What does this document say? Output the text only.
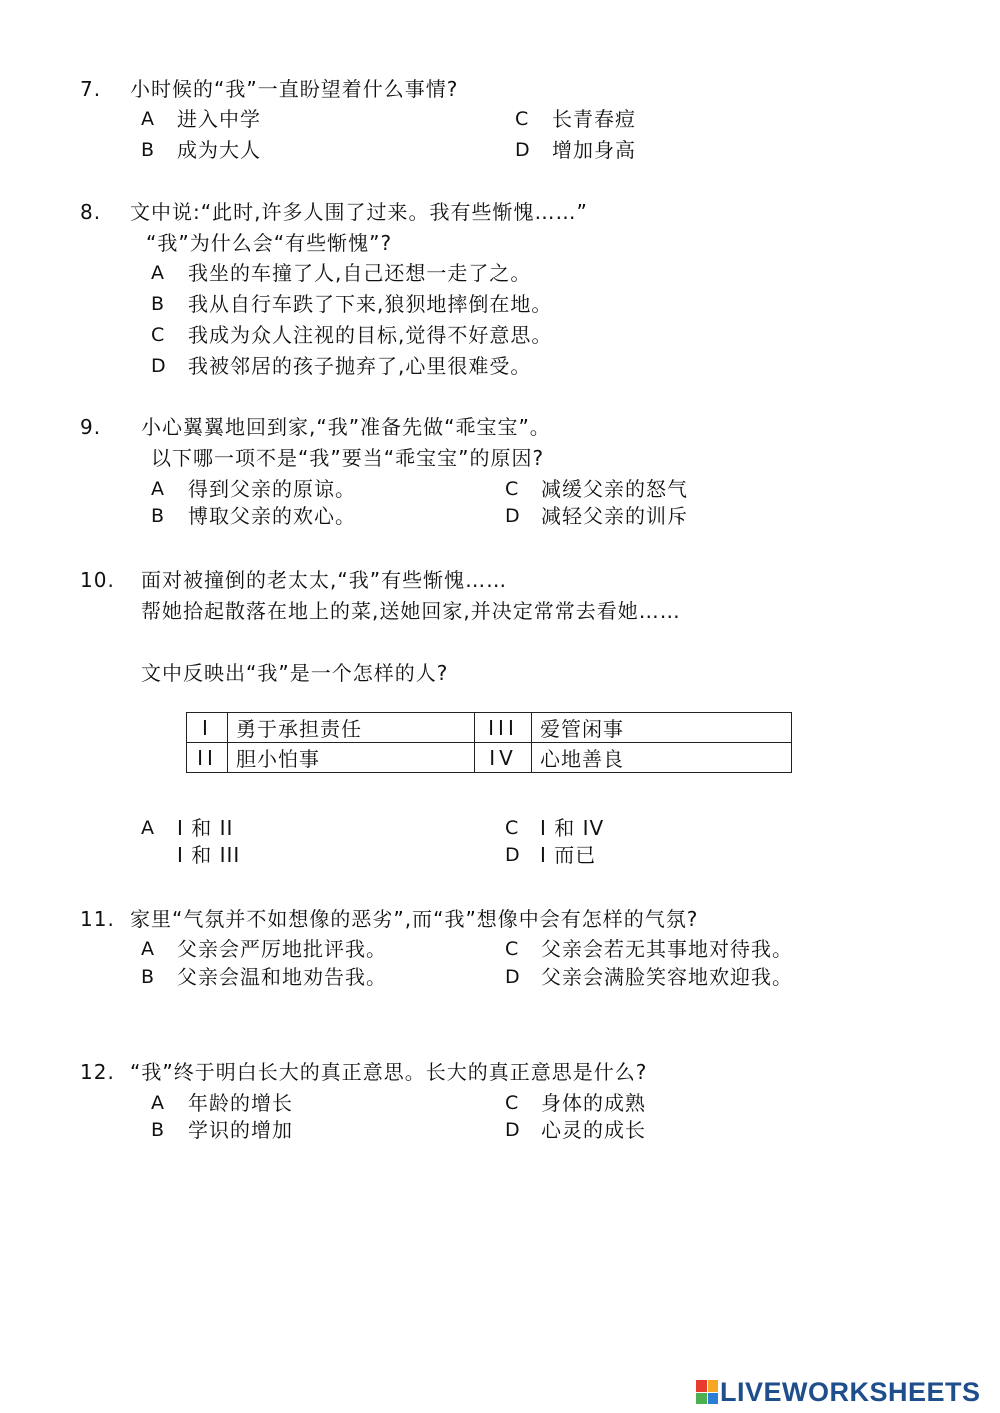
7. 小时候的“我”一直盼望着什么事情?
A 进入中学
B 成为大人
C 长青春痘
D 增加身高
8. 文中说:“此时,许多人围了过来。我有些惭愧……”
“我”为什么会“有些惭愧”?
A 我坐的车撞了人,自己还想一走了之。
B 我从自行车跌了下来,狼狈地摔倒在地。
C 我成为众人注视的目标,觉得不好意思。
D 我被邻居的孩子抛弃了,心里很难受。
9. 小心翼翼地回到家,“我”准备先做“乖宝宝”。
以下哪一项不是“我”要当“乖宝宝”的原因?
A 得到父亲的原谅。
B 博取父亲的欢心。
C 减缓父亲的怒气
D 减轻父亲的训斥
10. 面对被撞倒的老太太,“我”有些惭愧……
帮她拾起散落在地上的菜,送她回家,并决定常常去看她……
文中反映出“我”是一个怎样的人?
I	勇于承担责任	III	爱管闲事
II	胆小怕事	IV	心地善良
A I 和 II
I 和 III
C I 和 IV
D I 而已
11. 家里“气氛并不如想像的恶劣”,而“我”想像中会有怎样的气氛?
A 父亲会严厉地批评我。
B 父亲会温和地劝告我。
C 父亲会若无其事地对待我。
D 父亲会满脸笑容地欢迎我。
12. “我”终于明白长大的真正意思。长大的真正意思是什么?
A 年龄的增长
B 学识的增加
C 身体的成熟
D 心灵的成长
LIVEWORKSHEETS
